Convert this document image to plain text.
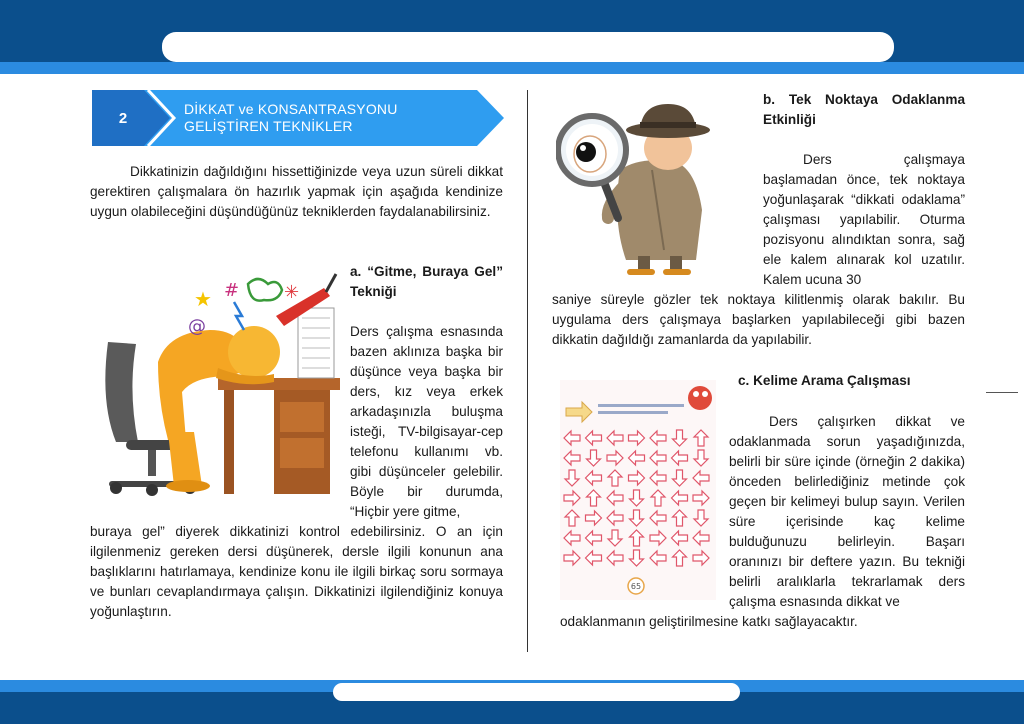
2
DİKKAT ve KONSANTRASYONU GELİŞTİREN TEKNİKLER
Dikkatinizin dağıldığını hissettiğinizde veya uzun süreli dikkat gerektiren çalışmalara ön hazırlık yapmak için aşağıda kendinize uygun olabileceğini düşündüğünüz tekniklerden faydalanabilirsiniz.
★
@
# ✳
a. “Gitme, Buraya Gel” Tekniği
Ders çalışma esnasında bazen aklınıza başka bir düşünce veya başka bir ders, kız veya erkek arkadaşınızla buluşma isteği, TV-bilgisayar-cep telefonu kullanımı vb. gibi düşünceler gelebilir. Böyle bir durumda, “Hiçbir yere gitme,
buraya gel” diyerek dikkatinizi kontrol edebilirsiniz. O an için ilgilenmeniz gereken dersi düşünerek, dersle ilgili konunun ana başlıklarını hatırlamaya, kendinize konu ile ilgili birkaç soru sormaya ve bunları cevaplandırmaya çalışın. Dikkatinizi ilgilendiğiniz konuya yoğunlaştırın.
b. Tek Noktaya Odaklanma Etkinliği
Ders çalışmaya başlamadan önce, tek noktaya yoğunlaşarak “dikkati odaklama” çalışması yapılabilir. Oturma pozisyonu alındıktan sonra, sağ ele kalem alınarak kol uzatılır. Kalem ucuna 30
saniye süreyle gözler tek noktaya kilitlenmiş olarak bakılır. Bu uygulama ders çalışmaya başlarken yapılabileceği gibi bazen dikkatin dağıldığı zamanlarda da yapılabilir.
65
c. Kelime Arama Çalışması
Ders çalışırken dikkat ve odaklanmada sorun yaşadığınızda, belirli bir süre içinde (örneğin 2 dakika) önceden belirlediğiniz metinde çok geçen bir kelimeyi bulup sayın. Verilen süre içerisinde kaç kelime bulduğunuzu belirleyin. Başarı oranınızı bir deftere yazın. Bu tekniği belirli aralıklarla tekrarlamak ders çalışma esnasında dikkat ve
odaklanmanın geliştirilmesine katkı sağlayacaktır.
